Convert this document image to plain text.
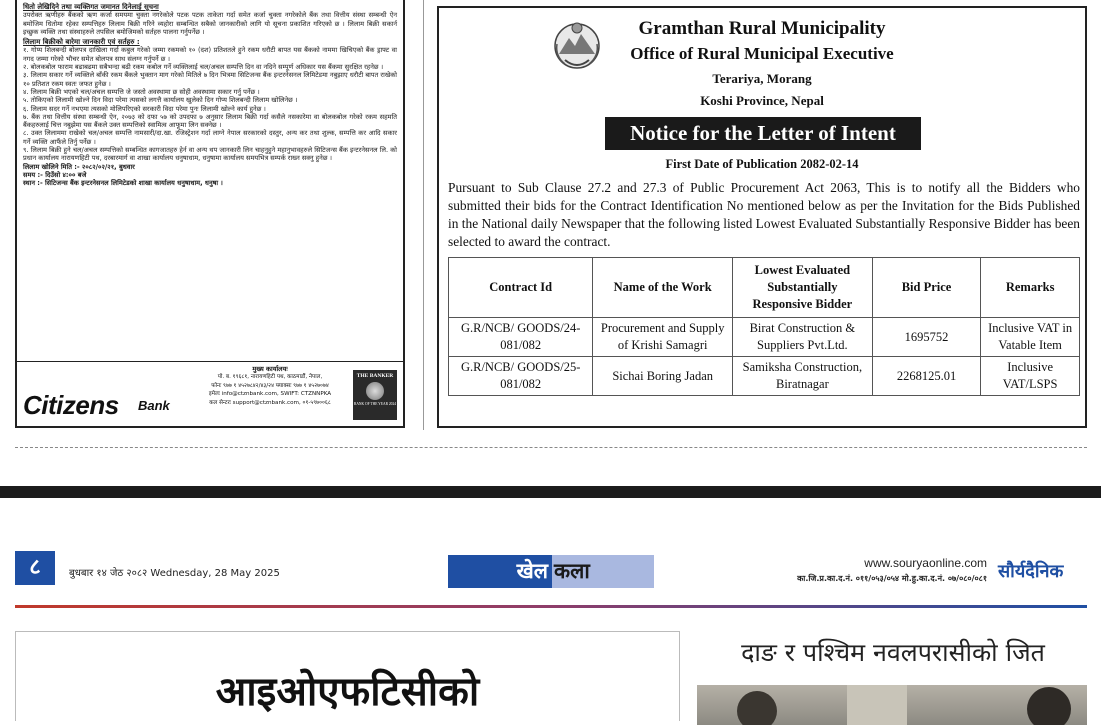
धितो लेखिदिने तथा व्यक्तिगत जमानत दिनेलाई सूचना

उपरोक्त ऋणीहरु बैंकको ऋण कर्जा समयमा चुक्ता नगरेकोले पटक पटक ताकेता गर्दा समेत कर्जा चुक्ता नगरेकोले बैंक तथा वित्तीय संस्था सम्बन्धी ऐन बमोजिम धितोमा रहेका सम्पत्तिहरु लिलाम बिक्री गरिने व्यहोरा सम्बन्धित सबैको जानकारीको लागि यो सूचना प्रकाशित गरिएको छ । लिलाम बिक्री सकार्न इच्छुक व्यक्ति तथा संस्थाहरुले तपसिल बमोजिमको सर्तहरु पालना गर्नुपर्नेछ ।

लिलाम बिक्रीको बारेमा जानकारी एवं सर्तहरु :
१. गोप्य शिलबन्दी बोलपत्र दाखिला गर्दा कबुल गरेको जम्मा रकमको १० (दश) प्रतिशतले हुने रकम धरौटी बापत यस बैंकको नाममा खिचिएको बैंक ड्राफ्ट वा नगद जम्मा गरेको भौचर समेत बोलपत्र साथ संलग्न गर्नुपर्ने छ ।
२. बोलकबोल फाराम बढाबढमा सबैभन्दा बढी रकम कबोल गर्ने व्यक्तिलाई चल/अचल सम्पत्ति दिन वा नदिने सम्पूर्ण अधिकार यस बैंकमा सुरक्षित रहनेछ ।
३. लिलाम सकार गर्ने व्यक्तिले बाँकी रकम बैंकले भुक्तान माग गरेको मितिले ७ दिन भित्रमा सिटिजन्स बैंक इन्टरनेसनल लिमिटेडमा नबुझाए धरौटी बापत राखेको १० प्रतिशत रकम स्वतः जफत हुनेछ ।
४. लिलाम बिक्री भएको चल/अचल सम्पत्ति जे जस्तो अवस्थामा छ सोही अवस्थामा सकार गर्नु पर्नेछ ।
५. तोकिएको लिलामी खोल्ने दिन विदा परेमा त्यसको लगत्तै कार्यालय खुलेको दिन गोप्य शिलबन्दी लिलाम खोलिनेछ ।
६. लिलाम सदर गर्ने नभएमा त्यसको मोलिपरिएको सरकारी विदा परेमा पुनः लिलामी खोल्ने कार्य हुनेछ ।
७. बैंक तथा वित्तीय संस्था सम्बन्धी ऐन, २०७३ को दफा ५७ को उपदफा ७ अनुसार लिलाम बिक्री गर्दा कसैले नसकारेमा वा बोलकबोल गरेको रकम सहमति बैंकहरुलाई चित्त नबुझेमा यस बैंकले उक्त सम्पत्तिको स्वामित्व आफूमा लिन सक्नेछ ।
८. उक्त लिलाममा राखेको चल/अचल सम्पत्ति नामसारी/दा.खा. रजिस्ट्रेशन गर्दा लाग्ने नेपाल सरकारको दस्तुर, अन्य कर तथा शुल्क, सम्पत्ति कर आदि सकार गर्ने व्यक्ति आफैंले तिर्नु पर्नेछ ।
९. लिलाम बिक्री हुने चल/अचल सम्पत्तिको सम्बन्धित कागजातहरु हेर्न वा अन्य थप जानकारी लिन चाहनुहुने महानुभावहरुले सिटिजन्स बैंक इन्टरनेसनल लि. को प्रधान कार्यालय नारायणहिटी पथ, दरबारमार्ग वा शाखा कार्यालय धनुषाधाम, धनुषामा कार्यालय समयभित्र सम्पर्क राख्न सक्नु हुनेछ ।
लिलाम खोलिने मिति :- २०८२/०२/२१, बुधवार
समय :- दिउँसो ४:०० बजे
स्थान :- सिटिजन्स बैंक इन्टरनेसनल लिमिटेडको शाखा कार्यालय धनुषाधाम, धनुषा ।
Citizens Bank
मुख्य कार्यालयः
पो. ब. १९६८१, नारायणहिटी पथ, काठमाडौं, नेपाल,
फोनः ९७७ १ ४५२७८४२/४३/२४ फ्याक्सः ९७७ १ ४५२७०७४
इमेलः info@ctznbank.com, SWIFT: CTZNNPKA
कल सेन्टरः support@ctznbank.com, ०१-५९७००६८
THE BANKER
BANK OF THE YEAR 2024
Gramthan Rural Municipality
Office of Rural Municipal Executive
Terariya, Morang
Koshi Province, Nepal
Notice for the Letter of Intent
First Date of Publication 2082-02-14
Pursuant to Sub Clause 27.2 and 27.3 of Public Procurement Act 2063, This is to notify all the Bidders who submitted their bids for the Contract Identification No mentioned below as per the Invitation for the Bids Published in the National daily Newspaper that the following listed Lowest Evaluated Substantially Responsive Bidder has been selected to award the contract.
Contract Id	Name of the Work	Lowest Evaluated Substantially Responsive Bidder	Bid Price	Remarks
G.R/NCB/ GOODS/24-081/082	Procurement and Supply of Krishi Samagri	Birat Construction & Suppliers Pvt.Ltd.	1695752	Inclusive VAT in Vatable Item
G.R/NCB/ GOODS/25-081/082	Sichai Boring Jadan	Samiksha Construction, Biratnagar	2268125.01	Inclusive VAT/LSPS
८	बुधबार १४ जेठ २०८२ Wednesday, 28 May 2025	खेल कला	www.souryaonline.com
का.जि.प्र.का.द.नं. ०११/०५३/०५४ मो.हु.का.द.नं. ०७/०८०/०८१ सौर्यदैनिक
आइओएफटिसीको
दाङ र पश्चिम नवलपरासीको जित
